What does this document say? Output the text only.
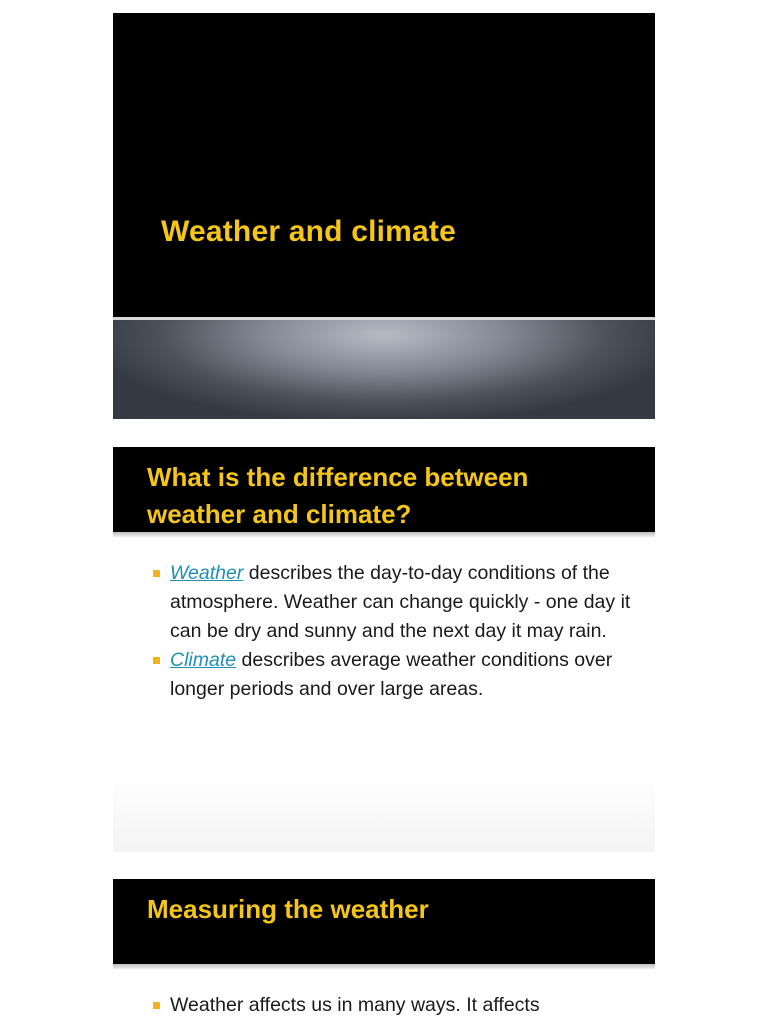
Weather and climate
What is the difference between weather and climate?
Weather describes the day-to-day conditions of the atmosphere. Weather can change quickly - one day it can be dry and sunny and the next day it may rain.
Climate describes average weather conditions over longer periods and over large areas.
Measuring the weather
Weather affects us in many ways. It affects
